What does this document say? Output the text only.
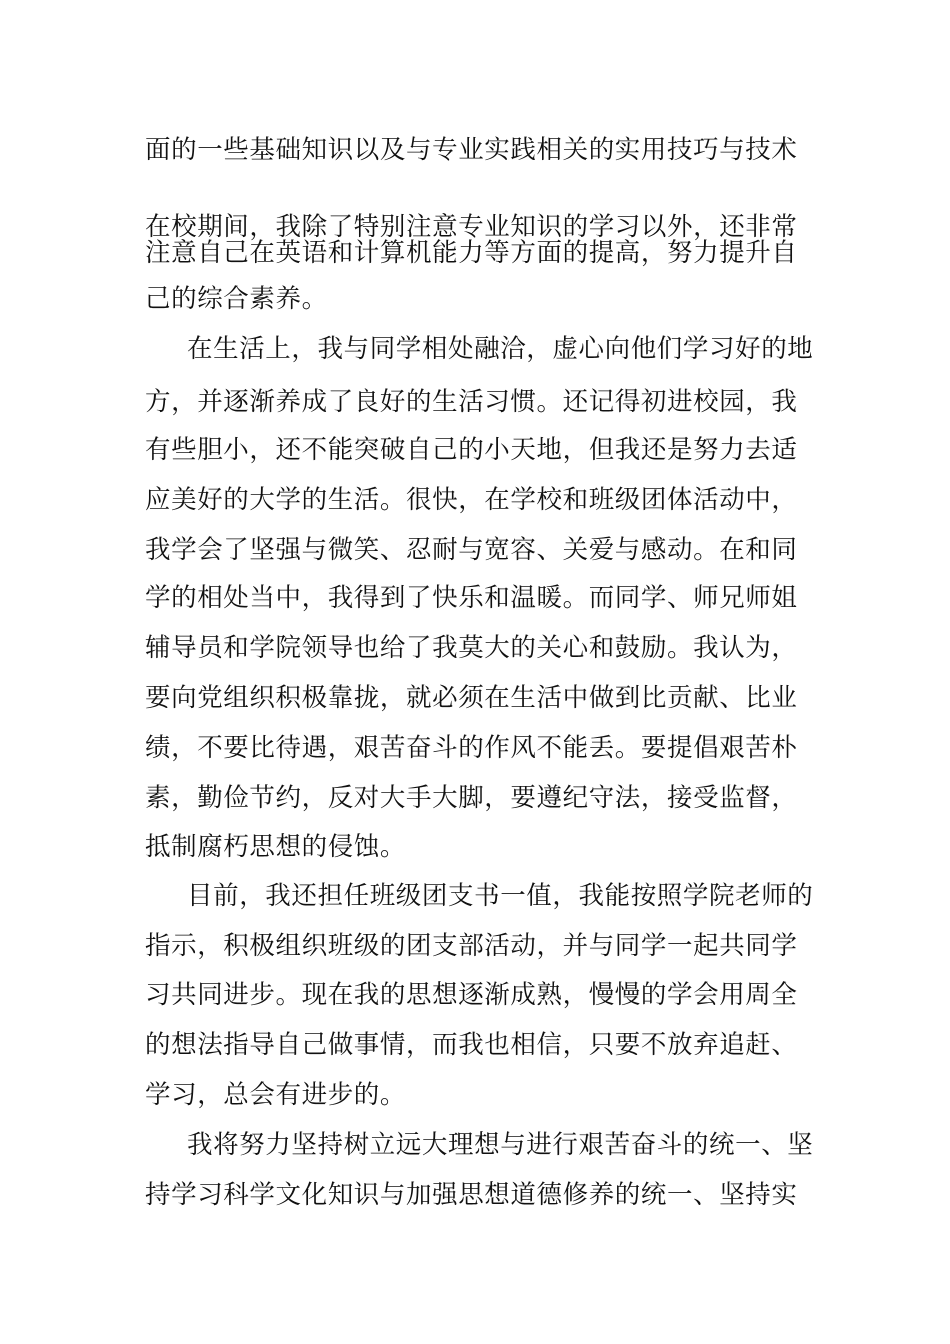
面的一些基础知识以及与专业实践相关的实用技巧与技术
在校期间，我除了特别注意专业知识的学习以外，还非常
注意自己在英语和计算机能力等方面的提高，努力提升自
己的综合素养。
在生活上，我与同学相处融洽，虚心向他们学习好的地
方，并逐渐养成了良好的生活习惯。还记得初进校园，我
有些胆小，还不能突破自己的小天地，但我还是努力去适
应美好的大学的生活。很快，在学校和班级团体活动中，
我学会了坚强与微笑、忍耐与宽容、关爱与感动。在和同
学的相处当中，我得到了快乐和温暖。而同学、师兄师姐
辅导员和学院领导也给了我莫大的关心和鼓励。我认为，
要向党组织积极靠拢，就必须在生活中做到比贡献、比业
绩，不要比待遇，艰苦奋斗的作风不能丢。要提倡艰苦朴
素，勤俭节约，反对大手大脚，要遵纪守法，接受监督，
抵制腐朽思想的侵蚀。
目前，我还担任班级团支书一值，我能按照学院老师的
指示，积极组织班级的团支部活动，并与同学一起共同学
习共同进步。现在我的思想逐渐成熟，慢慢的学会用周全
的想法指导自己做事情，而我也相信，只要不放弃追赶、
学习，总会有进步的。
我将努力坚持树立远大理想与进行艰苦奋斗的统一、坚
持学习科学文化知识与加强思想道德修养的统一、坚持实
